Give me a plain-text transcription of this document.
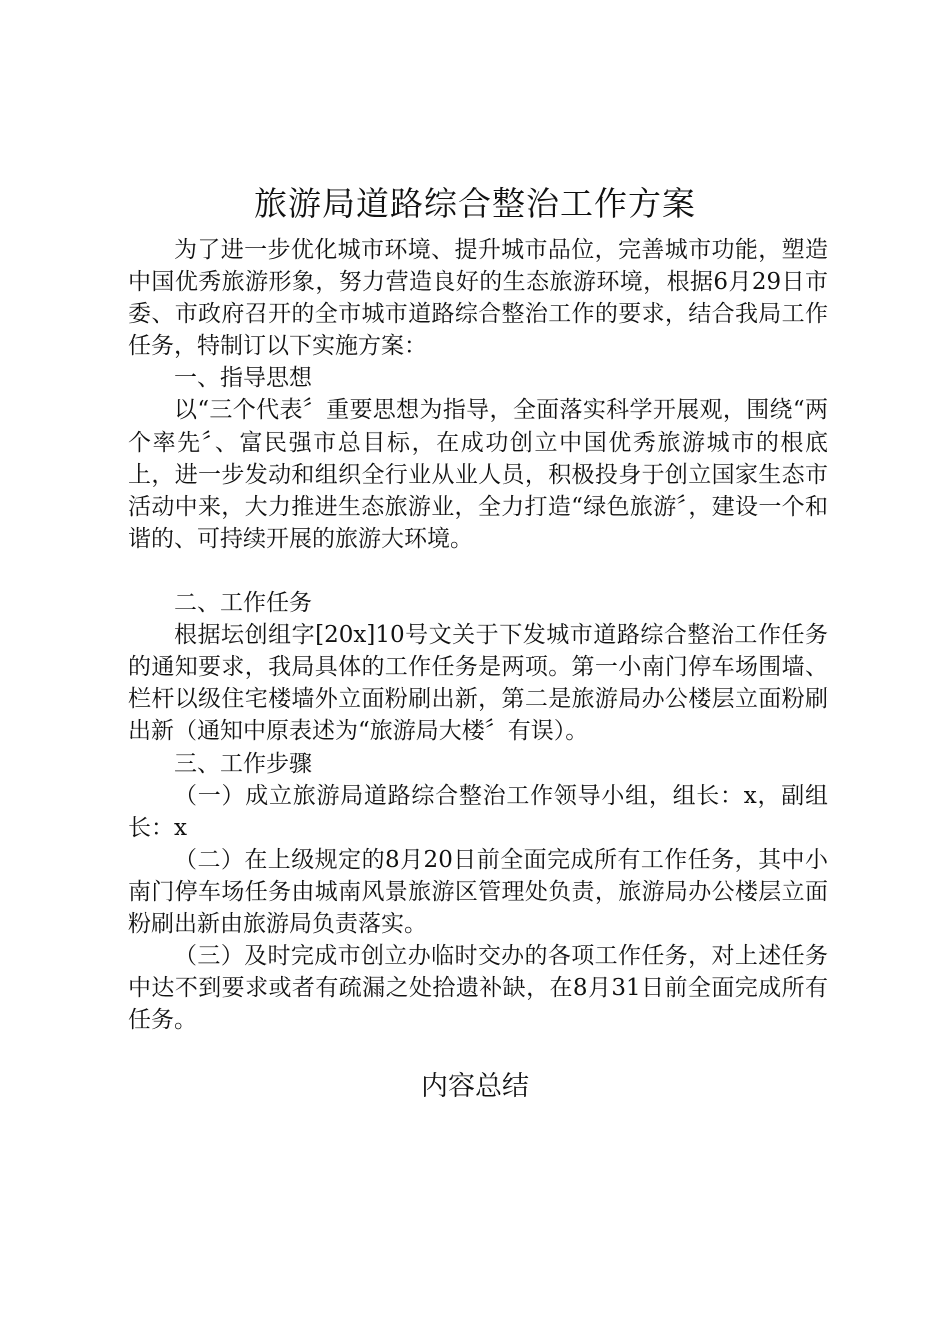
旅游局道路综合整治工作方案

为了进一步优化城市环境、提升城市品位，完善城市功能，塑造中国优秀旅游形象，努力营造良好的生态旅游环境，根据6月29日市委、市政府召开的全市城市道路综合整治工作的要求，结合我局工作任务，特制订以下实施方案：

一、指导思想

以“三个代表〞重要思想为指导，全面落实科学开展观，围绕“两个率先〞、富民强市总目标，在成功创立中国优秀旅游城市的根底上，进一步发动和组织全行业从业人员，积极投身于创立国家生态市活动中来，大力推进生态旅游业，全力打造“绿色旅游〞，建设一个和谐的、可持续开展的旅游大环境。

二、工作任务

根据坛创组字[20x]10号文关于下发城市道路综合整治工作任务的通知要求，我局具体的工作任务是两项。第一小南门停车场围墙、栏杆以级住宅楼墙外立面粉刷出新，第二是旅游局办公楼层立面粉刷出新（通知中原表述为“旅游局大楼〞有误）。

三、工作步骤

（一）成立旅游局道路综合整治工作领导小组，组长：x，副组长：x

（二）在上级规定的8月20日前全面完成所有工作任务，其中小南门停车场任务由城南风景旅游区管理处负责，旅游局办公楼层立面粉刷出新由旅游局负责落实。

（三）及时完成市创立办临时交办的各项工作任务，对上述任务中达不到要求或者有疏漏之处拾遗补缺，在8月31日前全面完成所有任务。

内容总结
